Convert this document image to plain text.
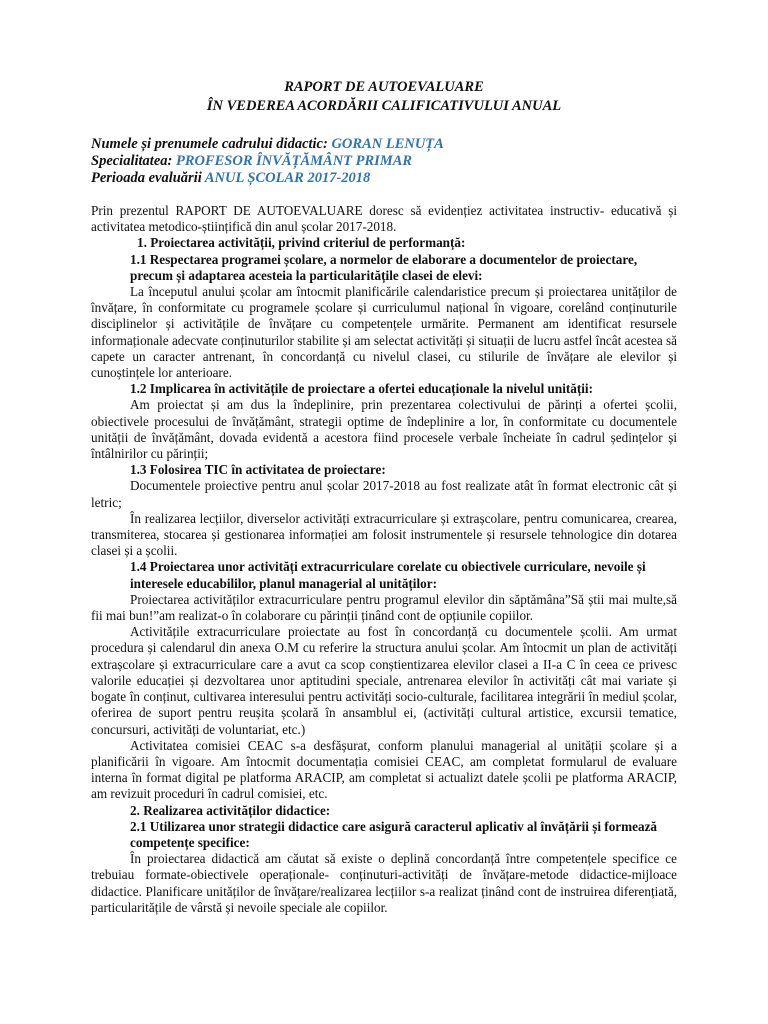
RAPORT DE AUTOEVALUARE
ÎN VEDEREA ACORDĂRII CALIFICATIVULUI ANUAL
Numele și prenumele cadrului didactic: GORAN LENUȚA
Specialitatea: PROFESOR ÎNVĂȚĂMÂNT PRIMAR
Perioada evaluării ANUL ȘCOLAR 2017-2018

Prin prezentul RAPORT DE AUTOEVALUARE doresc să evidențiez activitatea instructiv- educativă și activitatea metodico-științifică din anul școlar 2017-2018.

1. Proiectarea activității, privind criteriul de performanță:

1.1 Respectarea programei școlare, a normelor de elaborare a documentelor de proiectare,

precum și adaptarea acesteia la particularitățile clasei de elevi:

La începutul anului școlar am întocmit planificările calendaristice precum și proiectarea unităților de învățare, în conformitate cu programele școlare și curriculumul național în vigoare, corelând conținuturile disciplinelor și activitățile de învățare cu competențele urmărite. Permanent am identificat resursele informaționale adecvate conținuturilor stabilite și am selectat activități și situații de lucru astfel încât acestea să capete un caracter antrenant, în concordanță cu nivelul clasei, cu stilurile de învățare ale elevilor și cunoștințele lor anterioare.

1.2 Implicarea în activitățile de proiectare a ofertei educaționale la nivelul unității:

Am proiectat și am dus la îndeplinire, prin prezentarea colectivului de părinți a ofertei școlii, obiectivele procesului de învățământ, strategii optime de îndeplinire a lor, în conformitate cu documentele unității de învățământ, dovada evidentă a acestora fiind procesele verbale încheiate în cadrul ședințelor și întâlnirilor cu părinții;

1.3 Folosirea TIC în activitatea de proiectare:

Documentele proiective pentru anul școlar 2017-2018 au fost realizate atât în format electronic cât și letric;

În realizarea lecțiilor, diverselor activități extracurriculare și extrașcolare, pentru comunicarea, crearea, transmiterea, stocarea și gestionarea informației am folosit instrumentele și resursele tehnologice din dotarea clasei și a școlii.

1.4 Proiectarea unor activități extracurriculare corelate cu obiectivele curriculare, nevoile și

interesele educabililor, planul managerial al unităților:

Proiectarea activităților extracurriculare pentru programul elevilor din săptămâna”Să știi mai multe,să fii mai bun!”am realizat-o în colaborare cu părinții ținând cont de opțiunile copiilor.

Activitățile extracurriculare proiectate au fost în concordanță cu documentele școlii. Am urmat procedura și calendarul din anexa O.M cu referire la structura anului școlar. Am întocmit un plan de activități extrașcolare și extracurriculare care a avut ca scop conștientizarea elevilor clasei a II-a C în ceea ce privesc valorile educației și dezvoltarea unor aptitudini speciale, antrenarea elevilor în activități cât mai variate și bogate în conținut, cultivarea interesului pentru activități socio-culturale, facilitarea integrării în mediul școlar, oferirea de suport pentru reușita școlară în ansamblul ei, (activități cultural artistice, excursii tematice, concursuri, activități de voluntariat, etc.)

Activitatea comisiei CEAC s-a desfășurat, conform planului managerial al unității școlare și a planificării în vigoare. Am întocmit documentația comisiei CEAC, am completat formularul de evaluare interna în format digital pe platforma ARACIP, am completat si actualizt datele școlii pe platforma ARACIP, am revizuit proceduri în cadrul comisiei, etc.

2. Realizarea activităților didactice:

2.1 Utilizarea unor strategii didactice care asigură caracterul aplicativ al învățării și formează

competențe specifice:

În proiectarea didactică am căutat să existe o deplină concordanță între competențele specifice ce trebuiau formate-obiectivele operaționale- conținuturi-activități de învățare-metode didactice-mijloace didactice. Planificare unităților de învățare/realizarea lecțiilor s-a realizat ținând cont de instruirea diferențiată, particularitățile de vârstă și nevoile speciale ale copiilor.
